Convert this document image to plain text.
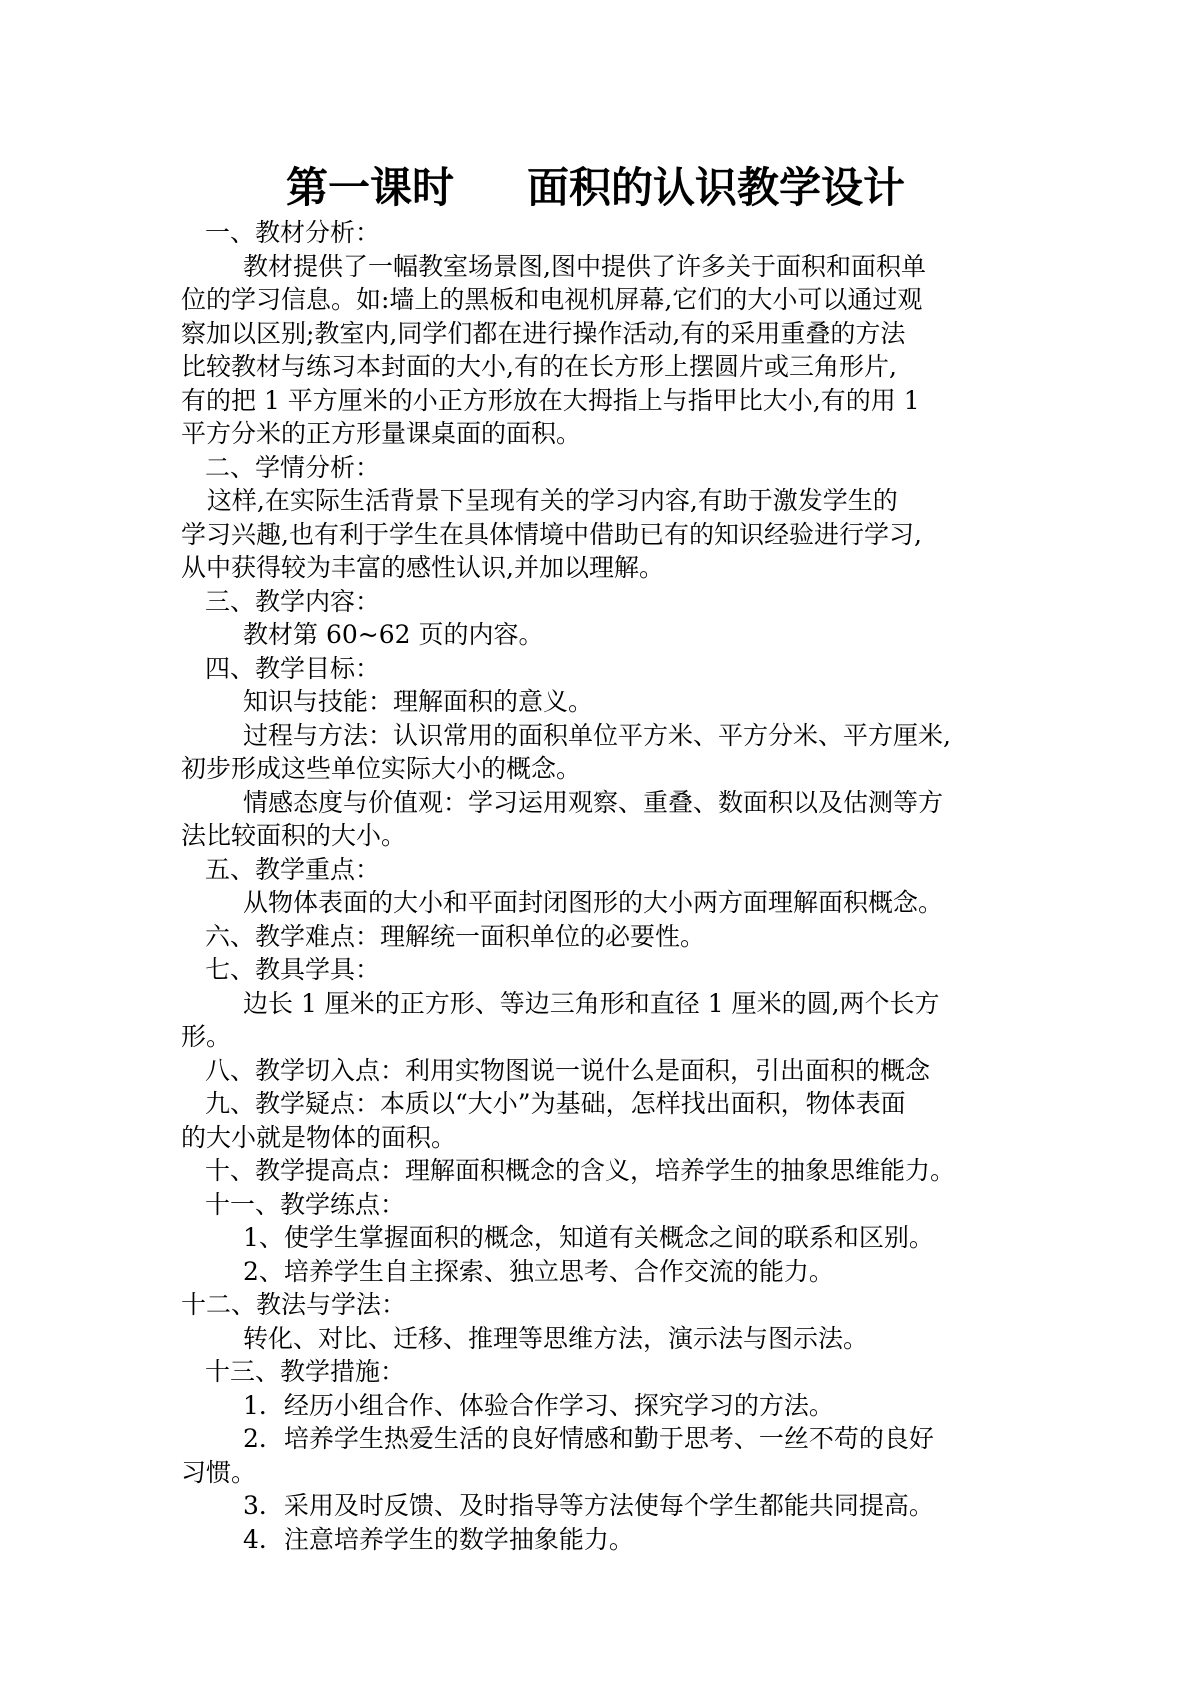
第一课时     面积的认识教学设计
一、教材分析：
教材提供了一幅教室场景图,图中提供了许多关于面积和面积单
位的学习信息。如:墙上的黑板和电视机屏幕,它们的大小可以通过观
察加以区别;教室内,同学们都在进行操作活动,有的采用重叠的方法
比较教材与练习本封面的大小,有的在长方形上摆圆片或三角形片,
有的把 1 平方厘米的小正方形放在大拇指上与指甲比大小,有的用 1
平方分米的正方形量课桌面的面积。
二、学情分析：
这样,在实际生活背景下呈现有关的学习内容,有助于激发学生的
学习兴趣,也有利于学生在具体情境中借助已有的知识经验进行学习,
从中获得较为丰富的感性认识,并加以理解。
三、教学内容：
教材第 60~62 页的内容。
四、教学目标：
知识与技能：理解面积的意义。
过程与方法：认识常用的面积单位平方米、平方分米、平方厘米,
初步形成这些单位实际大小的概念。
情感态度与价值观：学习运用观察、重叠、数面积以及估测等方
法比较面积的大小。
五、教学重点：
从物体表面的大小和平面封闭图形的大小两方面理解面积概念。
六、教学难点：理解统一面积单位的必要性。
七、教具学具：
边长 1 厘米的正方形、等边三角形和直径 1 厘米的圆,两个长方
形。
八、教学切入点：利用实物图说一说什么是面积，引出面积的概念
九、教学疑点：本质以“大小”为基础，怎样找出面积，物体表面
的大小就是物体的面积。
十、教学提高点：理解面积概念的含义，培养学生的抽象思维能力。
十一、教学练点：
1、使学生掌握面积的概念，知道有关概念之间的联系和区别。
2、培养学生自主探索、独立思考、合作交流的能力。
十二、教法与学法：
转化、对比、迁移、推理等思维方法，演示法与图示法。
十三、教学措施：
1．经历小组合作、体验合作学习、探究学习的方法。
2．培养学生热爱生活的良好情感和勤于思考、一丝不苟的良好
习惯。
3．采用及时反馈、及时指导等方法使每个学生都能共同提高。
4．注意培养学生的数学抽象能力。
